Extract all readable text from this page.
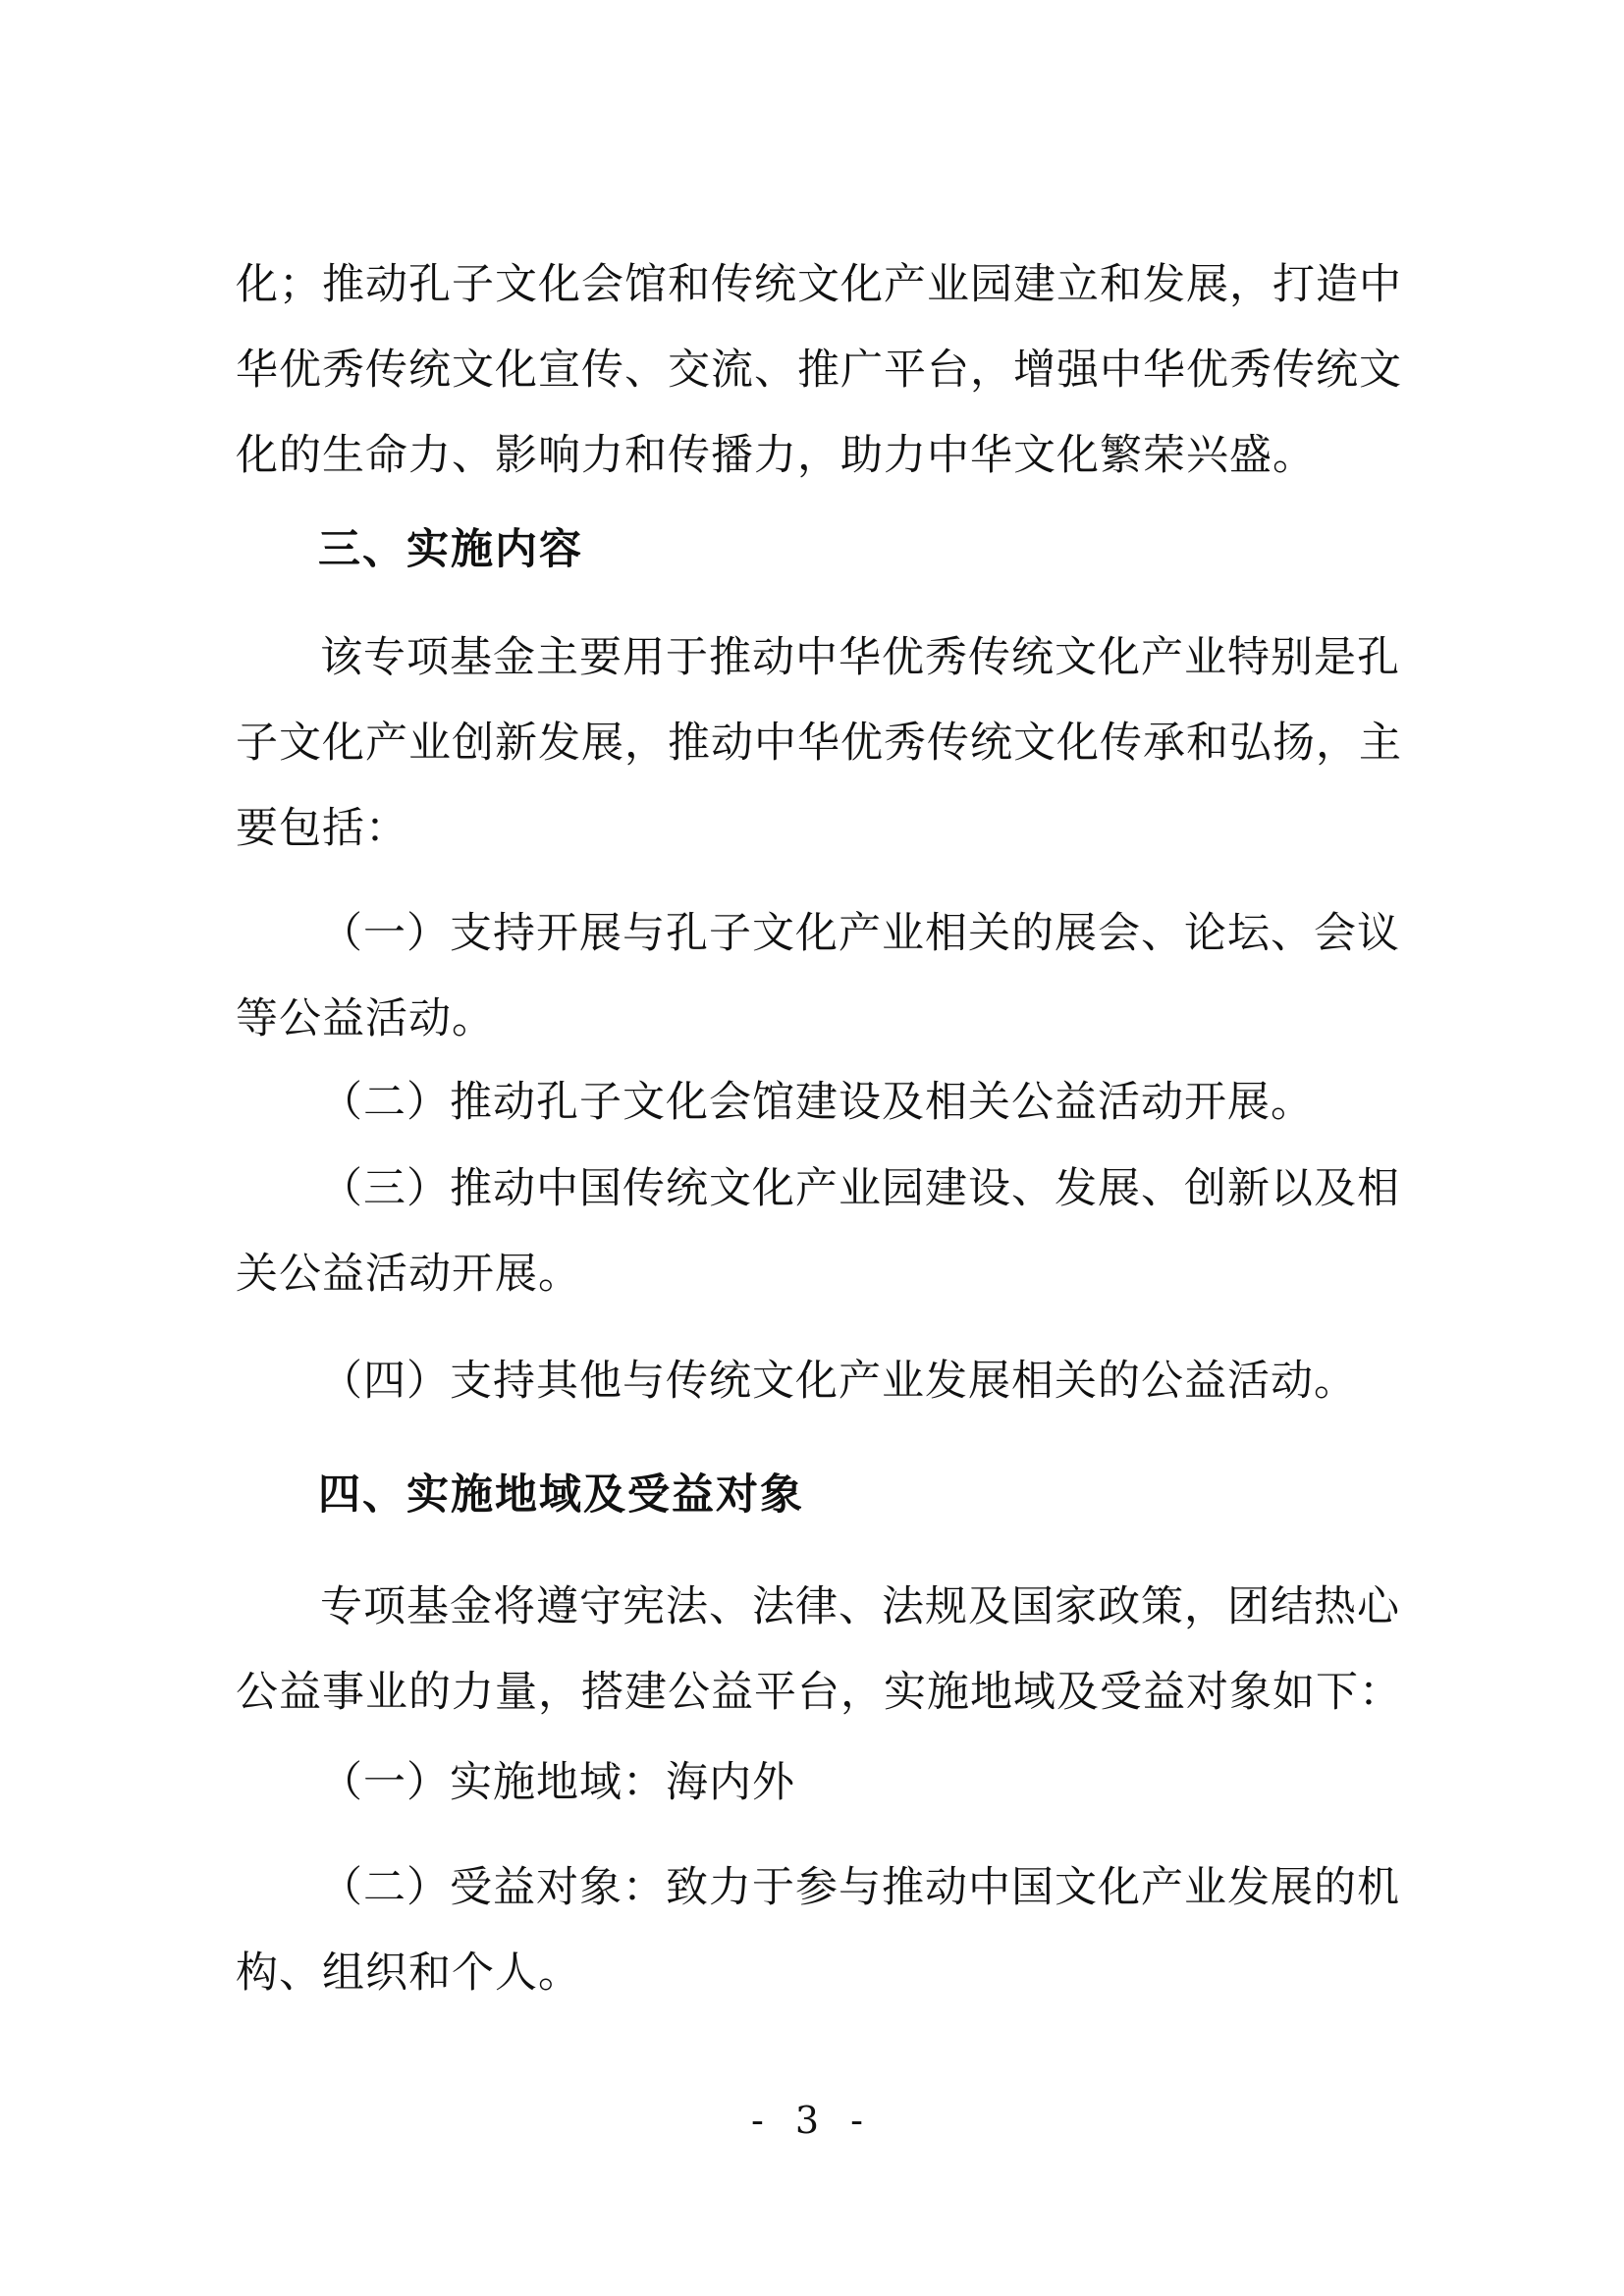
化；推动孔子文化会馆和传统文化产业园建立和发展，打造中华优秀传统文化宣传、交流、推广平台，增强中华优秀传统文化的生命力、影响力和传播力，助力中华文化繁荣兴盛。

三、实施内容

该专项基金主要用于推动中华优秀传统文化产业特别是孔子文化产业创新发展，推动中华优秀传统文化传承和弘扬，主要包括：

（一）支持开展与孔子文化产业相关的展会、论坛、会议等公益活动。

（二）推动孔子文化会馆建设及相关公益活动开展。

（三）推动中国传统文化产业园建设、发展、创新以及相关公益活动开展。

（四）支持其他与传统文化产业发展相关的公益活动。

四、实施地域及受益对象

专项基金将遵守宪法、法律、法规及国家政策，团结热心公益事业的力量，搭建公益平台，实施地域及受益对象如下：

（一）实施地域：海内外

（二）受益对象：致力于参与推动中国文化产业发展的机构、组织和个人。

- 3 -
